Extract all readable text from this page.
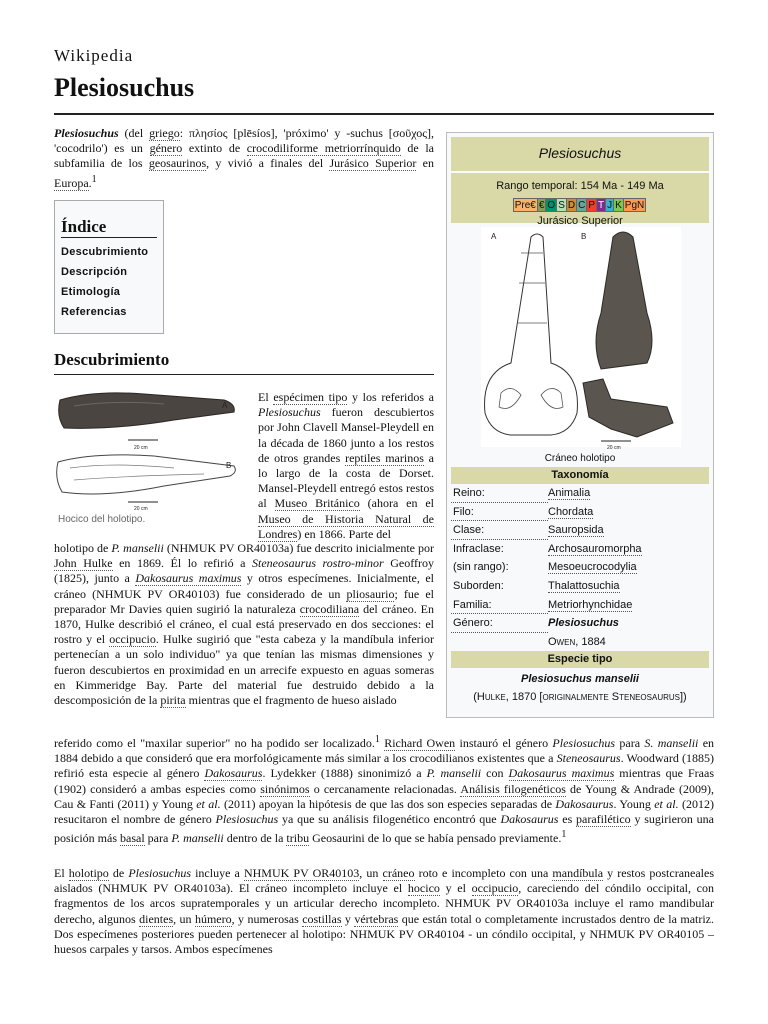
Wikipedia
Plesiosuchus

Plesiosuchus (del griego: πλησίος [plēsíos], 'próximo' y -suchus [σοῦχος], 'cocodrilo') es un género extinto de crocodiliforme metriorrínquido de la subfamilia de los geosaurinos, y vivió a finales del Jurásico Superior en Europa.$^1$

Índice
Descubrimiento
Descripción
Etimología
Referencias
Descubrimiento
A
20 cm
B
20 cm
Hocico del holotipo.

El espécimen tipo y los referidos a Plesiosuchus fueron descubiertos por John Clavell Mansel-Pleydell en la década de 1860 junto a los restos de otros grandes reptiles marinos a lo largo de la costa de Dorset. Mansel-Pleydell entregó estos restos al Museo Británico (ahora en el Museo de Historia Natural de Londres) en 1866. Parte del

holotipo de P. manselii (NHMUK PV OR40103a) fue descrito inicialmente por John Hulke en 1869. Él lo refirió a Steneosaurus rostro-minor Geoffroy (1825), junto a Dakosaurus maximus y otros especímenes. Inicialmente, el cráneo (NHMUK PV OR40103) fue considerado de un pliosaurio; fue el preparador Mr Davies quien sugirió la naturaleza crocodiliana del cráneo. En 1870, Hulke describió el cráneo, el cual está preservado en dos secciones: el rostro y el occipucio. Hulke sugirió que "esta cabeza y la mandíbula inferior pertenecían a un solo individuo" ya que tenían las mismas dimensiones y fueron descubiertos en proximidad en un arrecife expuesto en aguas someras en Kimmeridge Bay. Parte del material fue destruido debido a la descomposición de la pirita mientras que el fragmento de hueso aislado

referido como el "maxilar superior" no ha podido ser localizado.$^1$ Richard Owen instauró el género Plesiosuchus para S. manselii en 1884 debido a que consideró que era morfológicamente más similar a los crocodilianos existentes que a Steneosaurus. Woodward (1885) refirió esta especie al género Dakosaurus. Lydekker (1888) sinonimizó a P. manselii con Dakosaurus maximus mientras que Fraas (1902) consideró a ambas especies como sinónimos o cercanamente relacionadas. Análisis filogenéticos de Young & Andrade (2009), Cau & Fanti (2011) y Young et al. (2011) apoyan la hipótesis de que las dos son especies separadas de Dakosaurus. Young et al. (2012) resucitaron el nombre de género Plesiosuchus ya que su análisis filogenético encontró que Dakosaurus es parafilético y sugirieron una posición más basal para P. manselii dentro de la tribu Geosaurini de lo que se había pensado previamente.$^1$

El holotipo de Plesiosuchus incluye a NHMUK PV OR40103, un cráneo roto e incompleto con una mandíbula y restos postcraneales aislados (NHMUK PV OR40103a). El cráneo incompleto incluye el hocico y el occipucio, careciendo del cóndilo occipital, con fragmentos de los arcos supratemporales y un articular derecho incompleto. NHMUK PV OR40103a incluye el ramo mandibular derecho, algunos dientes, un húmero, y numerosas costillas y vértebras que están total o completamente incrustados dentro de la matriz. Dos especímenes posteriores pueden pertenecer al holotipo: NHMUK PV OR40104 - un cóndilo occipital, y NHMUK PV OR40105 – huesos carpales y tarsos. Ambos especímenes

Plesiosuchus
Rango temporal: 154 Ma - 149 Ma
Pre€ € O S D C P T J K PgN
Jurásico Superior
A	B
20 cm
Cráneo holotipo
Taxonomía
Reino:	Animalia
Filo:	Chordata
Clase:	Sauropsida
Infraclase:	Archosauromorpha
(sin rango):	Mesoeucrocodylia
Suborden:	Thalattosuchia
Familia:	Metriorhynchidae
Género:	Plesiosuchus
Owen, 1884
Especie tipo
Plesiosuchus manselii
(Hulke, 1870 [originalmente Steneosaurus])
